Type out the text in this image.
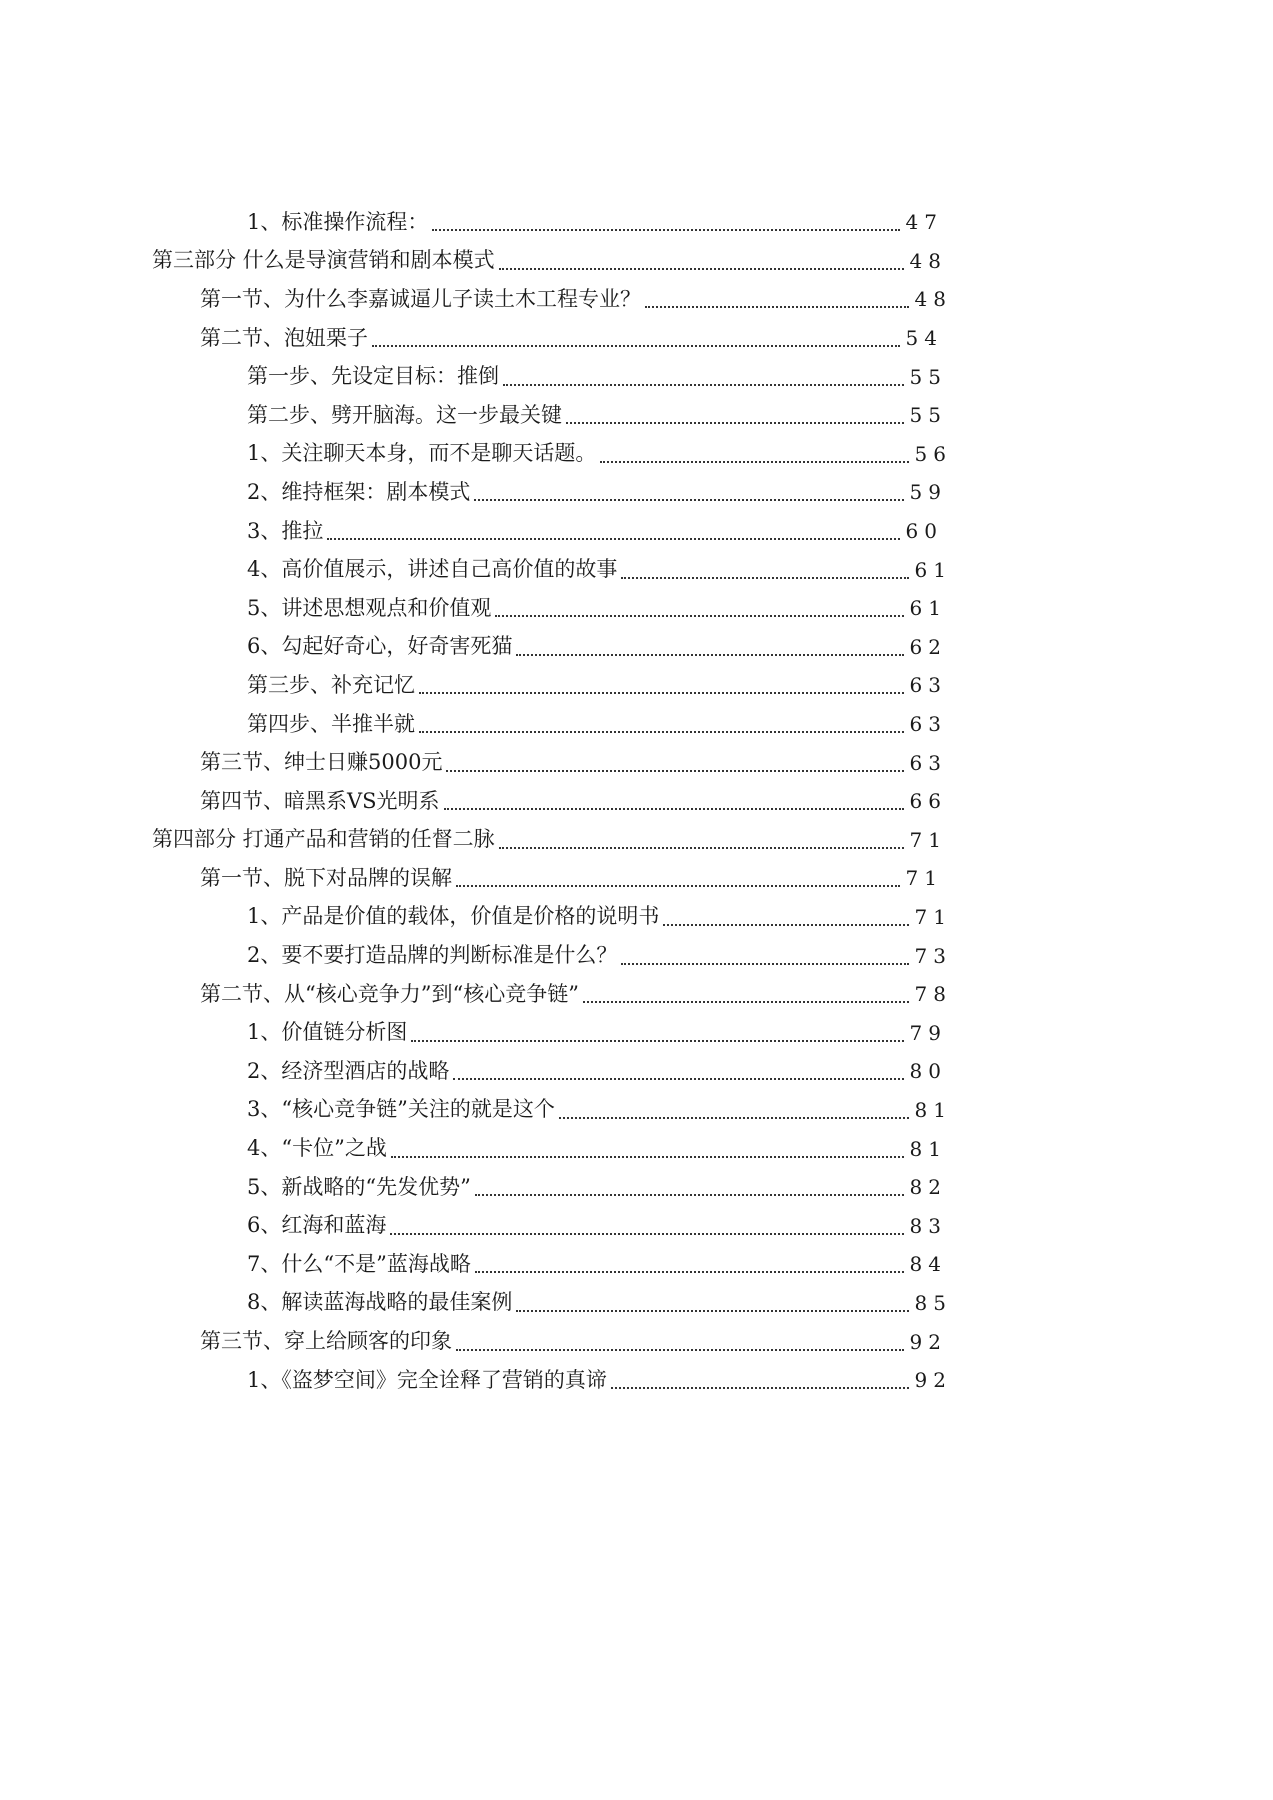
1、标准操作流程：	47
第三部分 什么是导演营销和剧本模式	48
第一节、为什么李嘉诚逼儿子读土木工程专业？	48
第二节、泡妞栗子	54
第一步、先设定目标：推倒	55
第二步、劈开脑海。这一步最关键	55
1、关注聊天本身，而不是聊天话题。	56
2、维持框架：剧本模式	59
3、推拉	60
4、高价值展示，讲述自己高价值的故事	61
5、讲述思想观点和价值观	61
6、勾起好奇心，好奇害死猫	62
第三步、补充记忆	63
第四步、半推半就	63
第三节、绅士日赚5000元	63
第四节、暗黑系VS光明系	66
第四部分 打通产品和营销的任督二脉	71
第一节、脱下对品牌的误解	71
1、产品是价值的载体，价值是价格的说明书	71
2、要不要打造品牌的判断标准是什么？	73
第二节、从“核心竞争力”到“核心竞争链”	78
1、价值链分析图	79
2、经济型酒店的战略	80
3、“核心竞争链”关注的就是这个	81
4、“卡位”之战	81
5、新战略的“先发优势”	82
6、红海和蓝海	83
7、什么“不是”蓝海战略	84
8、解读蓝海战略的最佳案例	85
第三节、穿上给顾客的印象	92
1、《盗梦空间》完全诠释了营销的真谛	92
